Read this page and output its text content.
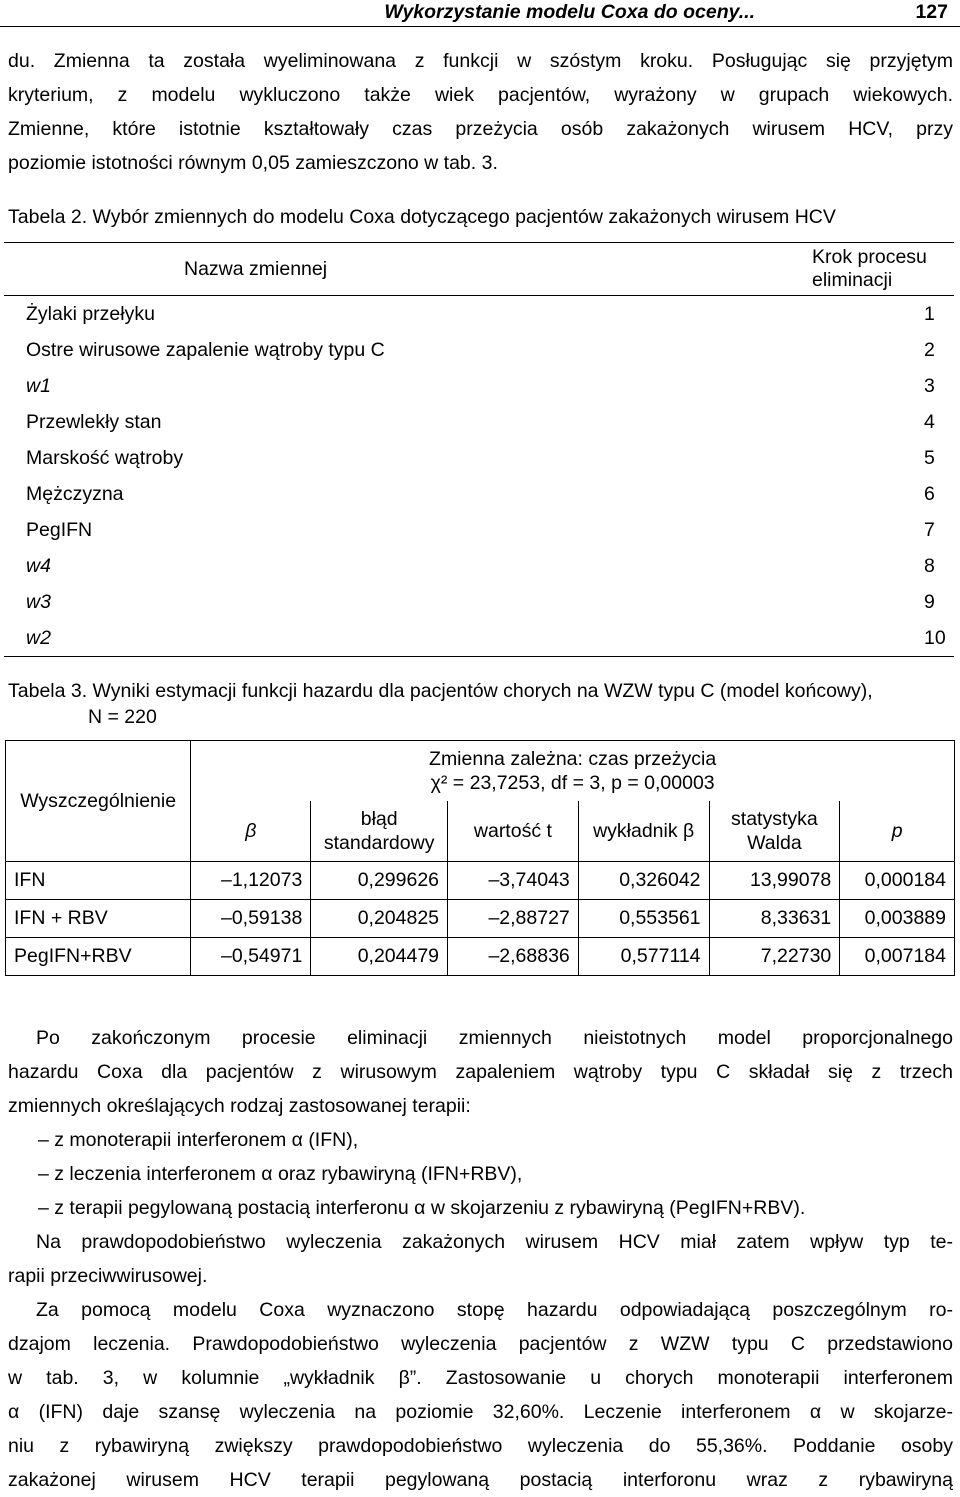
Wykorzystanie modelu Coxa do oceny...	127
du. Zmienna ta została wyeliminowana z funkcji w szóstym kroku. Posługując się przyjętym
kryterium, z modelu wykluczono także wiek pacjentów, wyrażony w grupach wiekowych.
Zmienne, które istotnie kształtowały czas przeżycia osób zakażonych wirusem HCV, przy
poziomie istotności równym 0,05 zamieszczono w tab. 3.
Tabela 2. Wybór zmiennych do modelu Coxa dotyczącego pacjentów zakażonych wirusem HCV
Nazwa zmiennej	Krok procesu eliminacji
Żylaki przełyku	1
Ostre wirusowe zapalenie wątroby typu C	2
w1	3
Przewlekły stan	4
Marskość wątroby	5
Mężczyzna	6
PegIFN	7
w4	8
w3	9
w2	10
Tabela 3. Wyniki estymacji funkcji hazardu dla pacjentów chorych na WZW typu C (model końcowy),
N = 220
Wyszczególnienie	Zmienna zależna: czas przeżycia
χ² = 23,7253, df = 3, p = 0,00003					

	β	błąd standardowy	wartość t	wykładnik β	statystyka Walda	p
IFN	–1,12073	0,299626	–3,74043	0,326042	13,99078	0,000184
IFN + RBV	–0,59138	0,204825	–2,88727	0,553561	8,33631	0,003889
PegIFN+RBV	–0,54971	0,204479	–2,68836	0,577114	7,22730	0,007184
Po zakończonym procesie eliminacji zmiennych nieistotnych model proporcjonalnego
hazardu Coxa dla pacjentów z wirusowym zapaleniem wątroby typu C składał się z trzech
zmiennych określających rodzaj zastosowanej terapii:
– z monoterapii interferonem α (IFN),
– z leczenia interferonem α oraz rybawiryną (IFN+RBV),
– z terapii pegylowaną postacią interferonu α w skojarzeniu z rybawiryną (PegIFN+RBV).
Na prawdopodobieństwo wyleczenia zakażonych wirusem HCV miał zatem wpływ typ te-
rapii przeciwwirusowej.
Za pomocą modelu Coxa wyznaczono stopę hazardu odpowiadającą poszczególnym ro-
dzajom leczenia. Prawdopodobieństwo wyleczenia pacjentów z WZW typu C przedstawiono
w tab. 3, w kolumnie „wykładnik β”. Zastosowanie u chorych monoterapii interferonem
α (IFN) daje szansę wyleczenia na poziomie 32,60%. Leczenie interferonem α w skojarze-
niu z rybawiryną zwiększy prawdopodobieństwo wyleczenia do 55,36%. Poddanie osoby
zakażonej wirusem HCV terapii pegylowaną postacią interforonu wraz z rybawiryną
